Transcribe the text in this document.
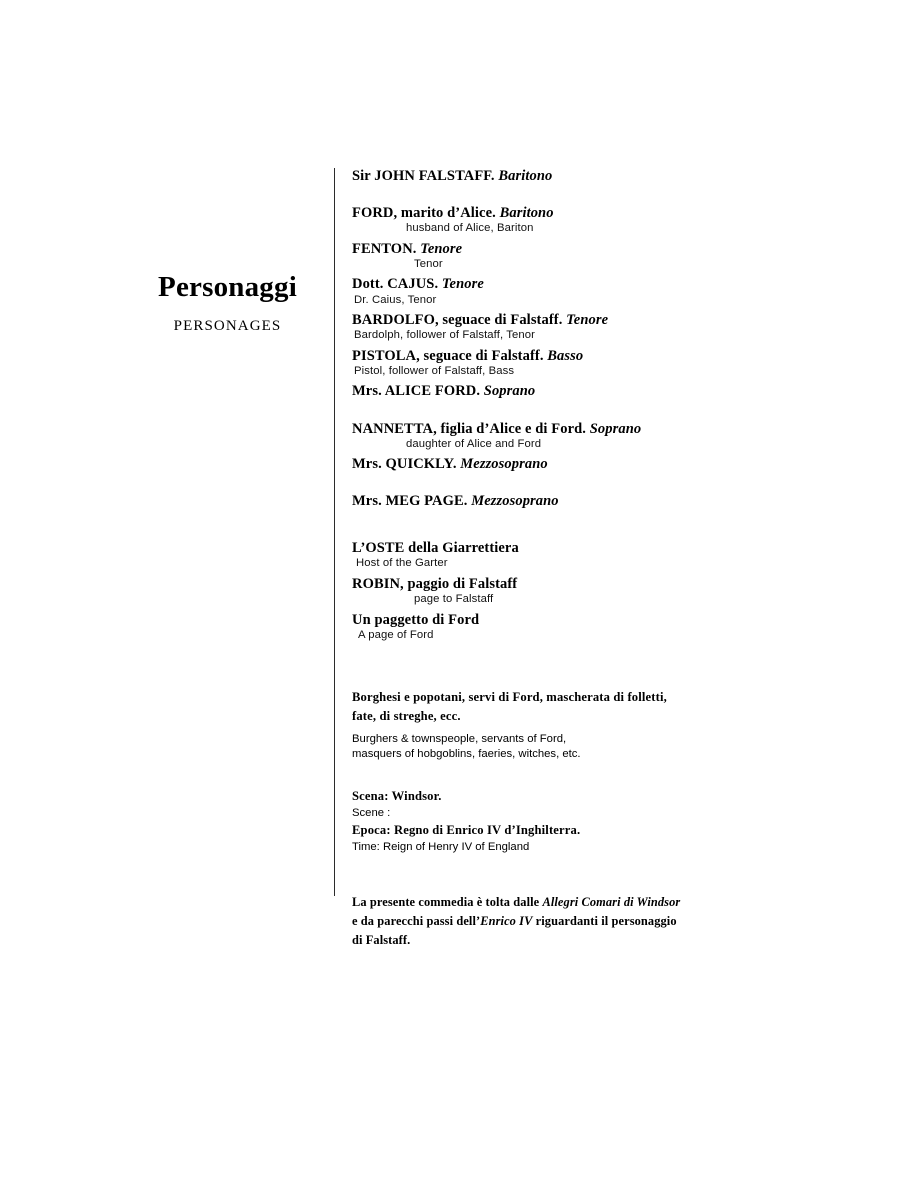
Personaggi
PERSONAGES
Sir JOHN FALSTAFF. Baritono
FORD, marito d’Alice. Baritono
husband of Alice, Bariton
FENTON. Tenore
Tenor
Dott. CAJUS. Tenore
Dr. Caius, Tenor
BARDOLFO, seguace di Falstaff. Tenore
Bardolph, follower of Falstaff, Tenor
PISTOLA, seguace di Falstaff. Basso
Pistol, follower of Falstaff, Bass
Mrs. ALICE FORD. Soprano
NANNETTA, figlia d’Alice e di Ford. Soprano
daughter of Alice and Ford
Mrs. QUICKLY. Mezzosoprano
Mrs. MEG PAGE. Mezzosoprano
L’OSTE della Giarrettiera
Host of the Garter
ROBIN, paggio di Falstaff
page to Falstaff
Un paggetto di Ford
A page of Ford
Borghesi e popotani, servi di Ford, mascherata di folletti,
fate, di streghe, ecc.
Burghers & townspeople, servants of Ford,
masquers of hobgoblins, faeries, witches, etc.
Scena: Windsor.
Scene :
Epoca: Regno di Enrico IV d’Inghilterra.
Time: Reign of Henry IV of England
La presente commedia è tolta dalle Allegri Comari di Windsor
e da parecchi passi dell’Enrico IV riguardanti il personaggio
di Falstaff.
